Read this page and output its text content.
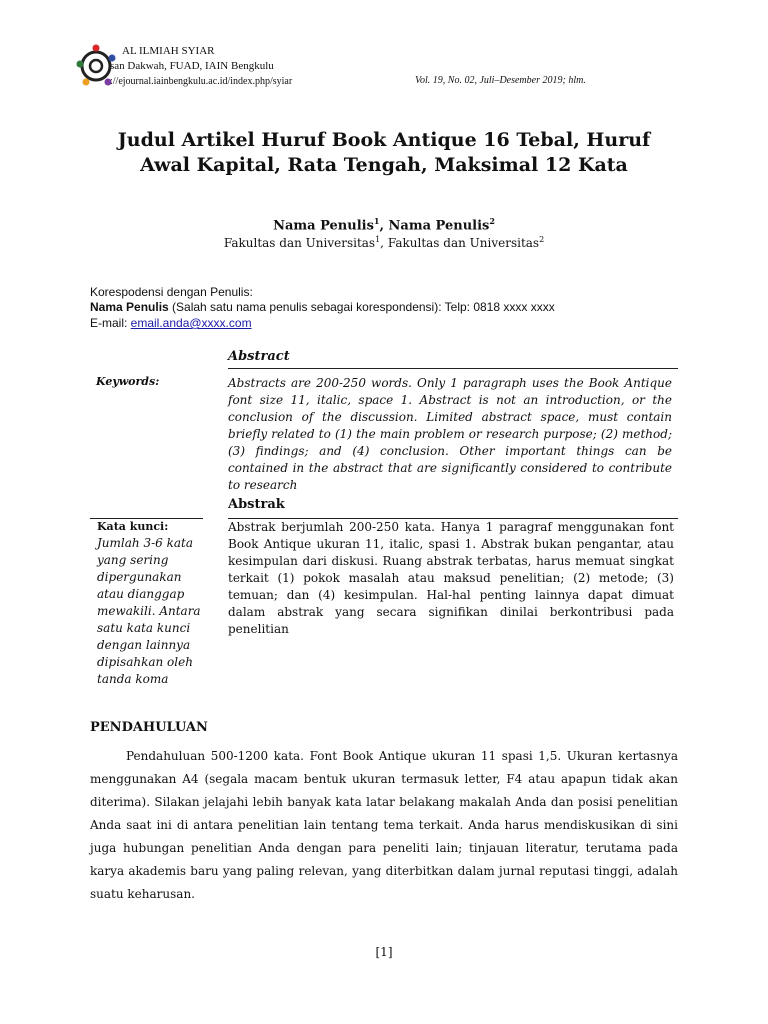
AL ILMIAH SYIAR
san Dakwah, FUAD, IAIN Bengkulu
://ejournal.iainbengkulu.ac.id/index.php/syiar	Vol. 19, No. 02, Juli–Desember 2019; hlm.
Judul Artikel Huruf Book Antique 16 Tebal, Huruf Awal Kapital, Rata Tengah, Maksimal 12 Kata
Nama Penulis$^1$, Nama Penulis$^2$
Fakultas dan Universitas$^1$, Fakultas dan Universitas$^2$
Korespodensi dengan Penulis:
Nama Penulis (Salah satu nama penulis sebagai korespondensi): Telp: 0818 xxxx xxxx
E-mail: email.anda@xxxx.com
Abstract
Keywords:	Abstracts are 200-250 words. Only 1 paragraph uses the Book Antique font size 11, italic, space 1. Abstract is not an introduction, or the conclusion of the discussion. Limited abstract space, must contain briefly related to (1) the main problem or research purpose; (2) method; (3) findings; and (4) conclusion. Other important things can be contained in the abstract that are significantly considered to contribute to research
Abstrak
Kata kunci:
Jumlah 3-6 kata yang sering dipergunakan atau dianggap mewakili. Antara satu kata kunci dengan lainnya dipisahkan oleh tanda koma
Abstrak berjumlah 200-250 kata. Hanya 1 paragraf menggunakan font Book Antique ukuran 11, italic, spasi 1. Abstrak bukan pengantar, atau kesimpulan dari diskusi. Ruang abstrak terbatas, harus memuat singkat terkait (1) pokok masalah atau maksud penelitian; (2) metode; (3) temuan; dan (4) kesimpulan. Hal-hal penting lainnya dapat dimuat dalam abstrak yang secara signifikan dinilai berkontribusi pada penelitian
PENDAHULUAN
Pendahuluan 500-1200 kata. Font Book Antique ukuran 11 spasi 1,5. Ukuran kertasnya menggunakan A4 (segala macam bentuk ukuran termasuk letter, F4 atau apapun tidak akan diterima). Silakan jelajahi lebih banyak kata latar belakang makalah Anda dan posisi penelitian Anda saat ini di antara penelitian lain tentang tema terkait. Anda harus mendiskusikan di sini juga hubungan penelitian Anda dengan para peneliti lain; tinjauan literatur, terutama pada karya akademis baru yang paling relevan, yang diterbitkan dalam jurnal reputasi tinggi, adalah suatu keharusan.
[1]
